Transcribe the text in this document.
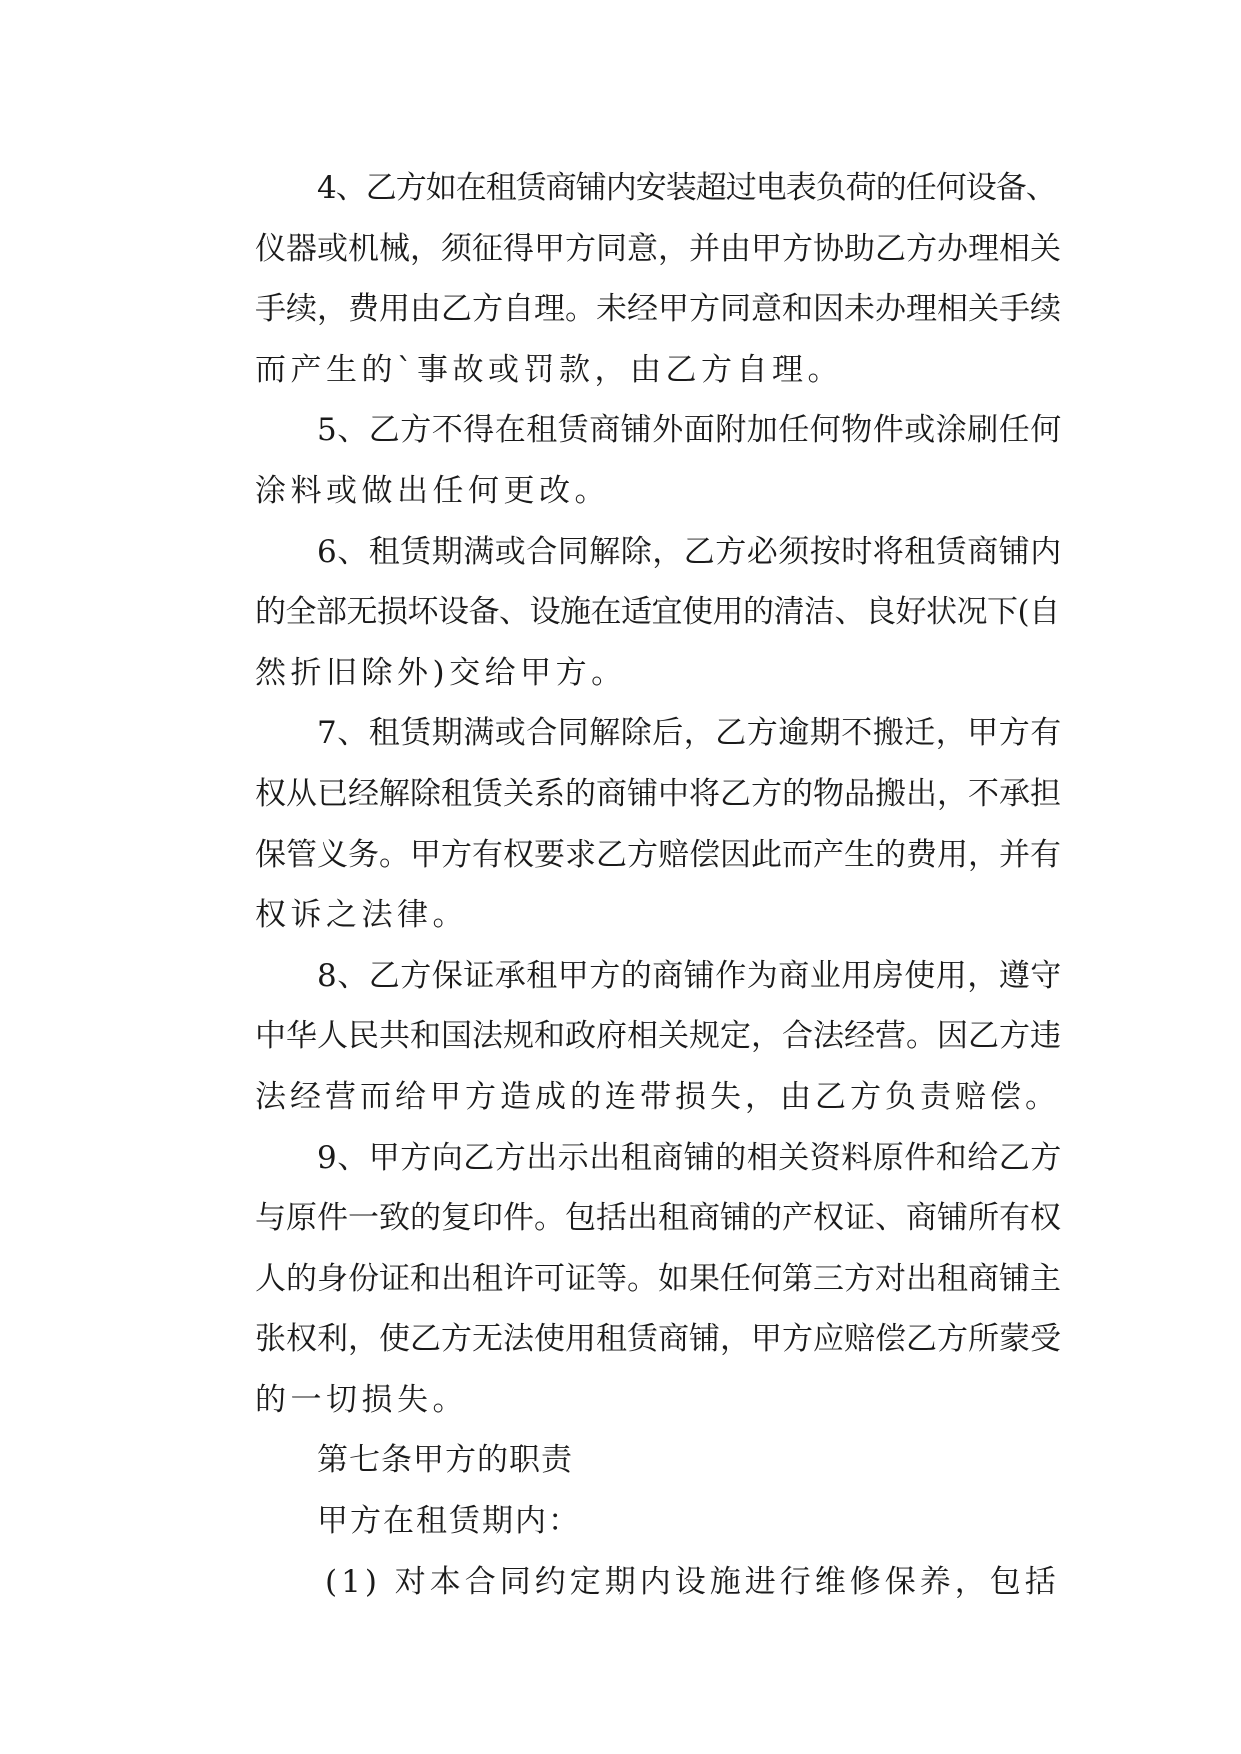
4、乙方如在租赁商铺内安装超过电表负荷的任何设备、
仪器或机械，须征得甲方同意，并由甲方协助乙方办理相关
手续，费用由乙方自理。未经甲方同意和因未办理相关手续
而产生的`事故或罚款，由乙方自理。
5、乙方不得在租赁商铺外面附加任何物件或涂刷任何
涂料或做出任何更改。
6、租赁期满或合同解除，乙方必须按时将租赁商铺内
的全部无损坏设备、设施在适宜使用的清洁、良好状况下(自
然折旧除外)交给甲方。
7、租赁期满或合同解除后，乙方逾期不搬迁，甲方有
权从已经解除租赁关系的商铺中将乙方的物品搬出，不承担
保管义务。甲方有权要求乙方赔偿因此而产生的费用，并有
权诉之法律。
8、乙方保证承租甲方的商铺作为商业用房使用，遵守
中华人民共和国法规和政府相关规定，合法经营。因乙方违
法经营而给甲方造成的连带损失，由乙方负责赔偿。
9、甲方向乙方出示出租商铺的相关资料原件和给乙方
与原件一致的复印件。包括出租商铺的产权证、商铺所有权
人的身份证和出租许可证等。如果任何第三方对出租商铺主
张权利，使乙方无法使用租赁商铺，甲方应赔偿乙方所蒙受
的一切损失。
第七条甲方的职责
甲方在租赁期内：
(1) 对本合同约定期内设施进行维修保养，包括
